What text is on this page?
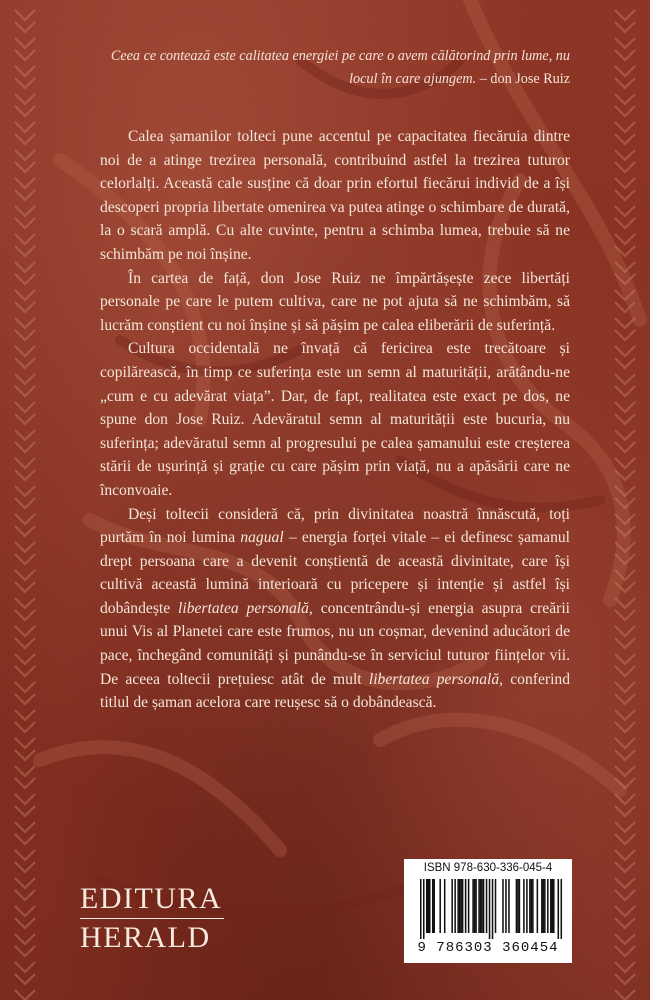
Ceea ce contează este calitatea energiei pe care o avem călătorind prin lume, nu locul în care ajungem. – don Jose Ruiz

Calea șamanilor tolteci pune accentul pe capacitatea fiecăruia dintre noi de a atinge trezirea personală, contribuind astfel la trezirea tuturor celorlalți. Această cale susține că doar prin efortul fiecărui individ de a își descoperi propria libertate omenirea va putea atinge o schimbare de durată, la o scară amplă. Cu alte cuvinte, pentru a schimba lumea, trebuie să ne schimbăm pe noi înșine.

În cartea de față, don Jose Ruiz ne împărtășește zece libertăți personale pe care le putem cultiva, care ne pot ajuta să ne schimbăm, să lucrăm conștient cu noi înșine și să pășim pe calea eliberării de suferință.

Cultura occidentală ne învață că fericirea este trecătoare și copilărească, în timp ce suferința este un semn al maturității, arătându-ne „cum e cu adevărat viața”. Dar, de fapt, realitatea este exact pe dos, ne spune don Jose Ruiz. Adevăratul semn al maturității este bucuria, nu suferința; adevăratul semn al progresului pe calea șamanului este creșterea stării de ușurință și grație cu care pășim prin viață, nu a apăsării care ne înconvoaie.

Deși toltecii consideră că, prin divinitatea noastră înnăscută, toți purtăm în noi lumina nagual – energia forței vitale – ei definesc șamanul drept persoana care a devenit conștientă de această divinitate, care își cultivă această lumină interioară cu pricepere și intenție și astfel își dobândește libertatea personală, concentrându-și energia asupra creării unui Vis al Planetei care este frumos, nu un coșmar, devenind aducători de pace, închegând comunități și punându-se în serviciul tuturor ființelor vii. De aceea toltecii prețuiesc atât de mult libertatea personală, conferind titlul de șaman acelora care reușesc să o dobândească.

EDITURA
HERALD
ISBN 978-630-336-045-4
9 786303 360454
